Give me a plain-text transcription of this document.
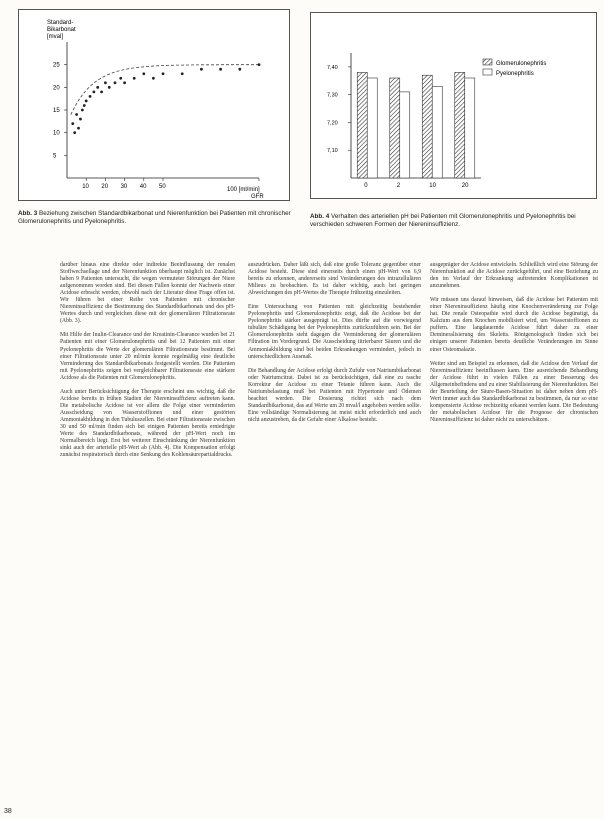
Standard-
Bikarbonat
[mval]
100 [ml/min]
GFR
10 20 30 40 50
25
20
15
10
5
Abb. 3 Beziehung zwischen Standardbikarbonat und Nierenfunktion bei Patienten mit chronischer Glomerulonephritis und Pyelonephritis.
Glomerulonephritis
Pyelonephritis
7,40
7,30
7,20
7,10
0	2	10	20
Abb. 4 Verhalten des arteriellen pH bei Patienten mit Glomerulonephritis und Pyelonephritis bei verschieden schweren Formen der Niereninsuffizienz.

darüber hinaus eine direkte oder indirekte Beeinflussung der renalen Stoffwechsellage und der Nierenfunktion überhaupt möglich ist. Zunächst haben 9 Patienten untersucht, die wegen vermuteter Störungen der Niere aufgenommen worden sind. Bei diesen Fällen konnte der Nachweis einer Acidose erbracht werden, obwohl nach der Literatur diese Frage offen ist. Wir führen bei einer Reihe von Patienten mit chronischer Niereninsuffizienz die Bestimmung des Standardbikarbonats und des pH-Wertes durch und vergleichen diese mit der glomerulären Filtrationsrate (Abb. 3).

Mit Hilfe der Inulin-Clearance und der Kreatinin-Clearance wurden bei 21 Patienten mit einer Glomerulonephritis und bei 12 Patienten mit einer Pyelonephritis die Werte der glomerulären Filtrationsrate bestimmt. Bei einer Filtrationsrate unter 20 ml/min konnte regelmäßig eine deutliche Verminderung des Standardbikarbonats festgestellt werden. Die Patienten mit Pyelonephritis zeigen bei vergleichbarer Filtrationsrate eine stärkere Acidose als die Patienten mit Glomerulonephritis.

Auch unter Berücksichtigung der Therapie erscheint uns wichtig, daß die Acidose bereits in frühen Stadien der Niereninsuffizienz auftreten kann. Die metabolische Acidose ist vor allem die Folge einer verminderten Ausscheidung von Wasserstoffionen und einer gestörten Ammoniakbildung in den Tubuluszellen. Bei einer Filtrationsrate zwischen 30 und 50 ml/min finden sich bei einigen Patienten bereits erniedrigte Werte des Standardbikarbonats, während der pH-Wert noch im Normalbereich liegt. Erst bei weiterer Einschränkung der Nierenfunktion sinkt auch der arterielle pH-Wert ab (Abb. 4). Die Kompensation erfolgt zunächst respiratorisch durch eine Senkung des Kohlensäurepartialdrucks.

auszudrücken. Daher läßt sich, daß eine große Toleranz gegenüber einer Acidose besteht. Diese sind einerseits durch einen pH-Wert von 6,9 bereits zu erkennen, andererseits sind Veränderungen des intrazellulären Milieus zu beobachten. Es ist daher wichtig, auch bei geringen Abweichungen des pH-Wertes die Therapie frühzeitig einzuleiten.

Eine Untersuchung von Patienten mit gleichzeitig bestehender Pyelonephritis und Glomerulonephritis zeigt, daß die Acidose bei der Pyelonephritis stärker ausgeprägt ist. Dies dürfte auf die vorwiegend tubuläre Schädigung bei der Pyelonephritis zurückzuführen sein. Bei der Glomerulonephritis steht dagegen die Verminderung der glomerulären Filtration im Vordergrund. Die Ausscheidung titrierbarer Säuren und die Ammoniakbildung sind bei beiden Erkrankungen vermindert, jedoch in unterschiedlichem Ausmaß.

Die Behandlung der Acidose erfolgt durch Zufuhr von Natriumbikarbonat oder Natriumcitrat. Dabei ist zu berücksichtigen, daß eine zu rasche Korrektur der Acidose zu einer Tetanie führen kann. Auch die Natriumbelastung muß bei Patienten mit Hypertonie und Ödemen beachtet werden. Die Dosierung richtet sich nach dem Standardbikarbonat, das auf Werte um 20 mval/l angehoben werden sollte. Eine vollständige Normalisierung ist meist nicht erforderlich und auch nicht anzustreben, da die Gefahr einer Alkalose besteht.

ausgeprägter der Acidose entwickeln. Schließlich wird eine Störung der Nierenfunktion auf die Acidose zurückgeführt, und eine Beziehung zu den im Verlauf der Erkrankung auftretenden Komplikationen ist anzunehmen.

Wir müssen uns darauf hinweisen, daß die Acidose bei Patienten mit einer Niereninsuffizienz häufig eine Knochenveränderung zur Folge hat. Die renale Osteopathie wird durch die Acidose begünstigt, da Kalzium aus dem Knochen mobilisiert wird, um Wasserstoffionen zu puffern. Eine langdauernde Acidose führt daher zu einer Demineralisierung des Skeletts. Röntgenologisch finden sich bei einigen unserer Patienten bereits deutliche Veränderungen im Sinne einer Osteomalazie.

Weiter sind am Beispiel zu erkennen, daß die Acidose den Verlauf der Niereninsuffizienz beeinflussen kann. Eine ausreichende Behandlung der Acidose führt in vielen Fällen zu einer Besserung des Allgemeinbefindens und zu einer Stabilisierung der Nierenfunktion. Bei der Beurteilung der Säure-Basen-Situation ist daher neben dem pH-Wert immer auch das Standardbikarbonat zu bestimmen, da nur so eine kompensierte Acidose rechtzeitig erkannt werden kann. Die Bedeutung der metabolischen Acidose für die Prognose der chronischen Niereninsuffizienz ist daher nicht zu unterschätzen.

38
